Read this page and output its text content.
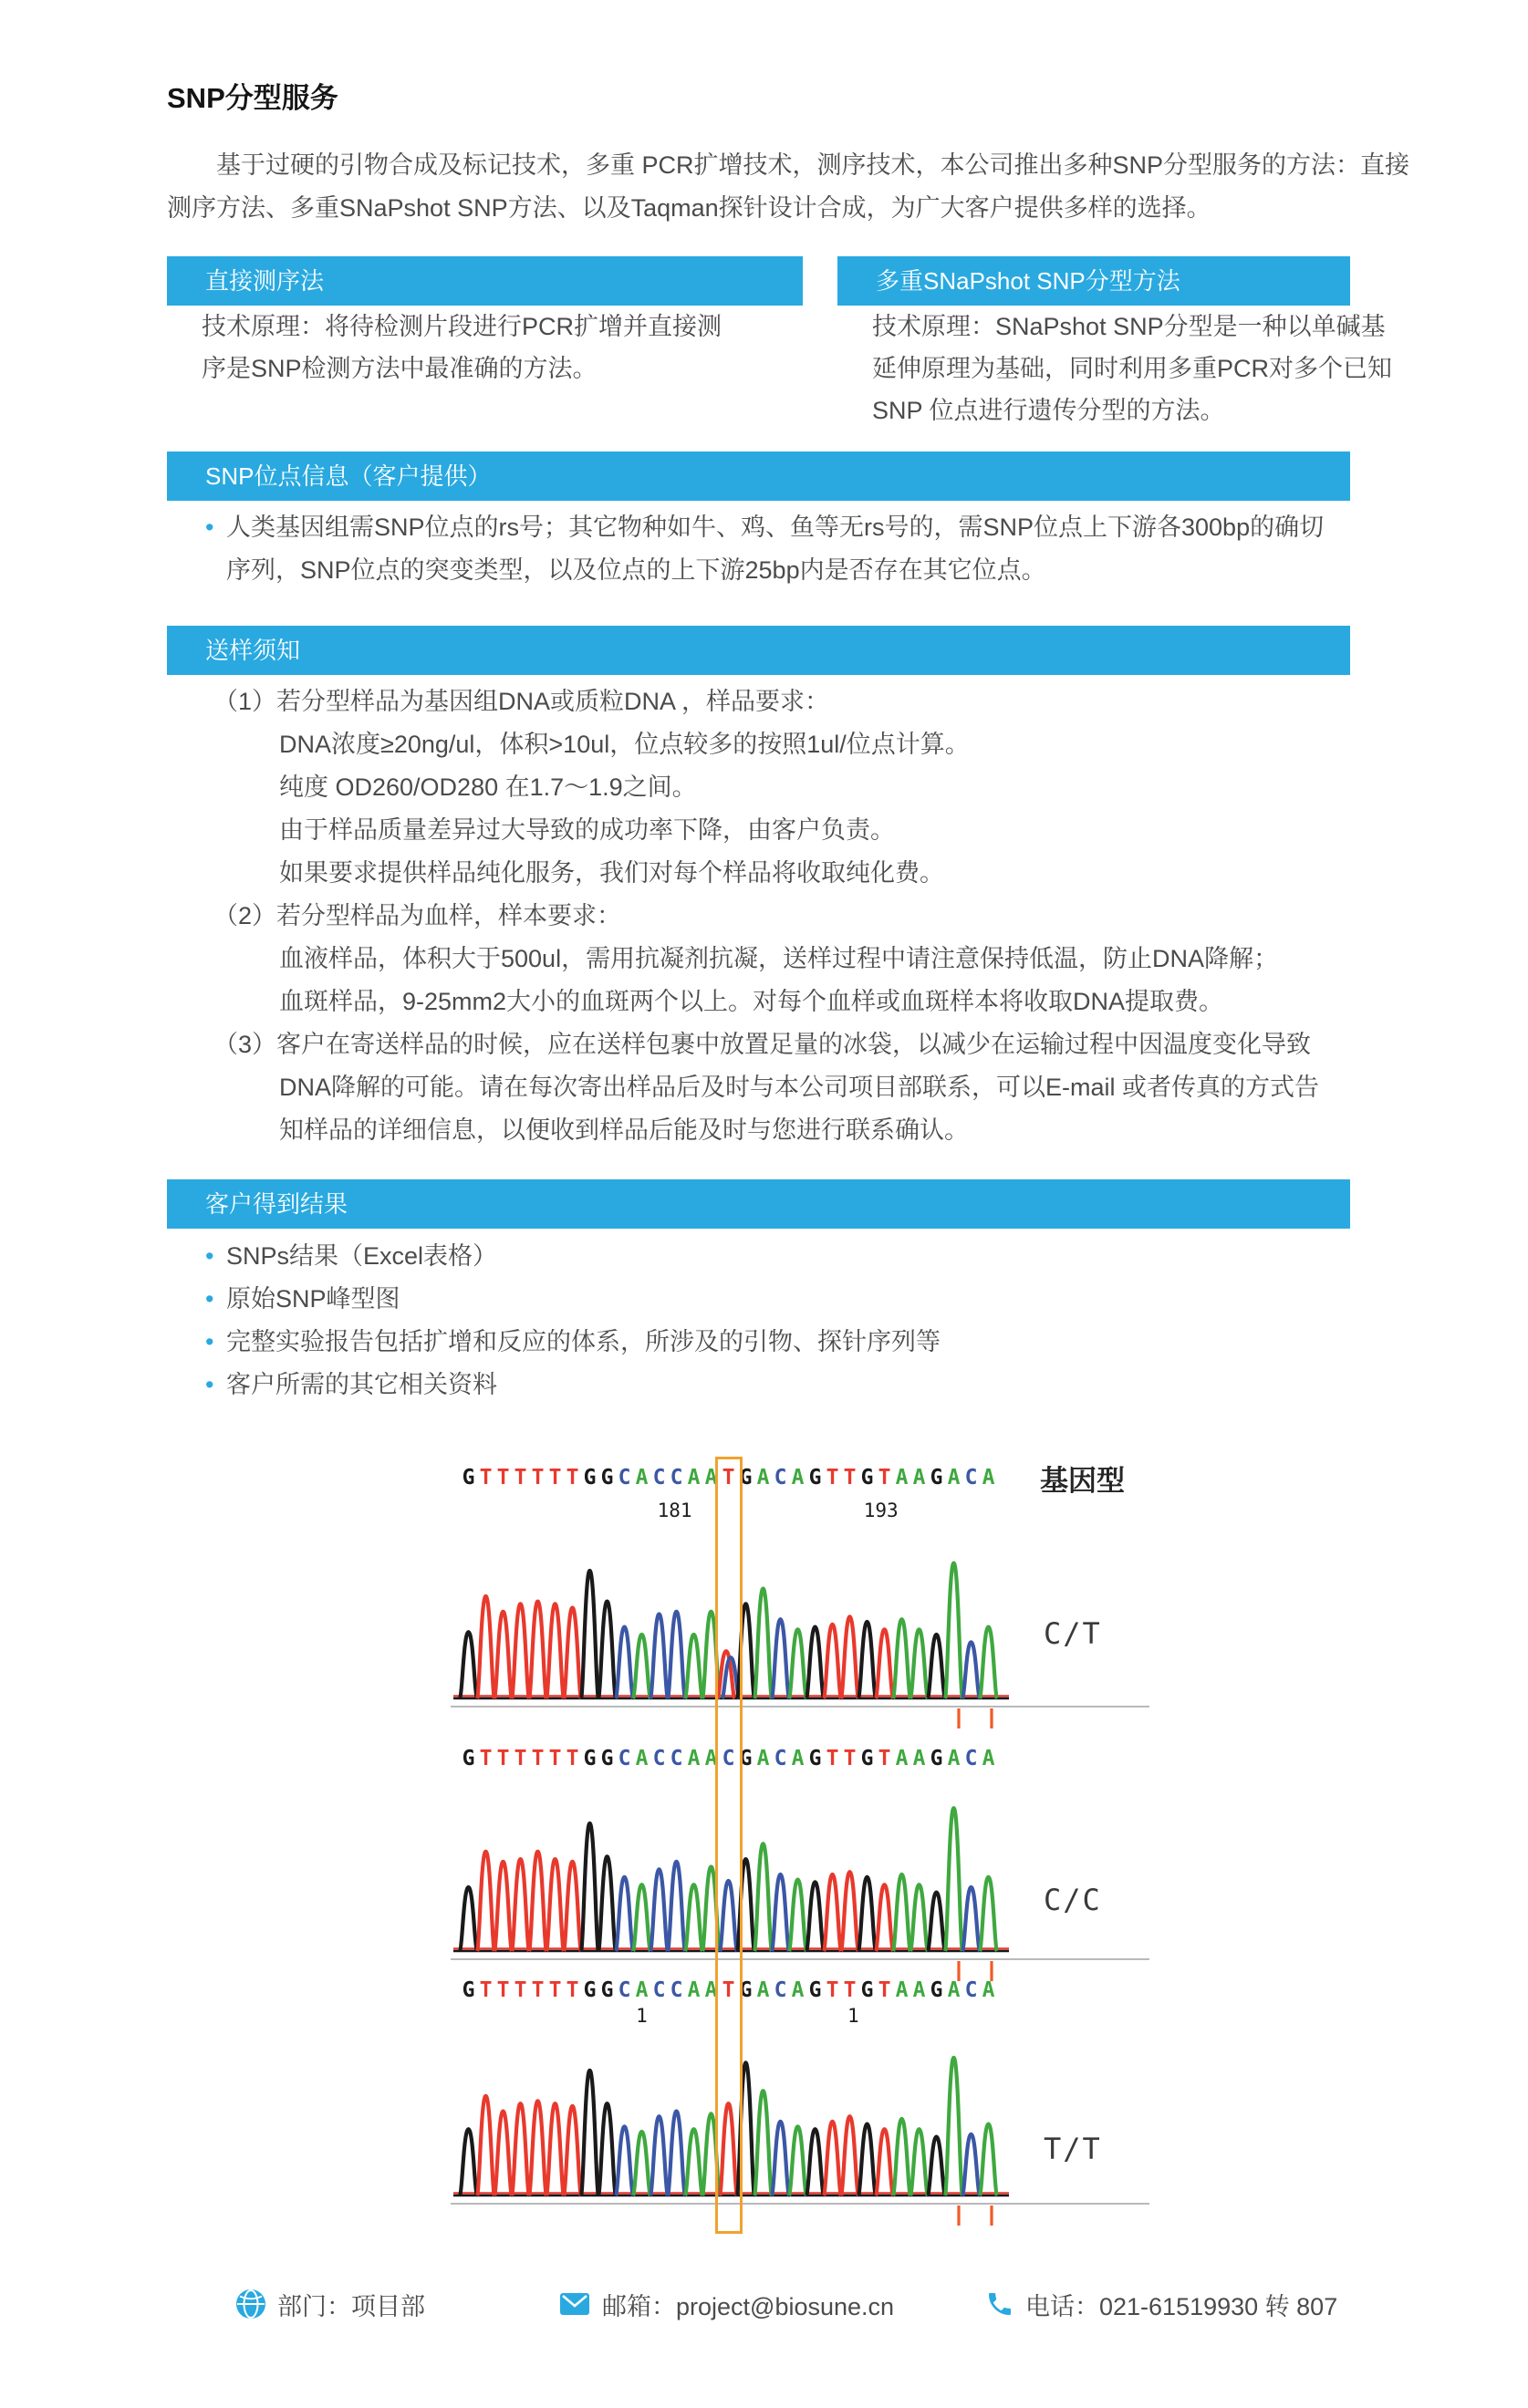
SNP分型服务
基于过硬的引物合成及标记技术，多重 PCR扩增技术，测序技术，本公司推出多种SNP分型服务的方法：直接
测序方法、多重SNaPshot SNP方法、以及Taqman探针设计合成，为广大客户提供多样的选择。
直接测序法
技术原理：将待检测片段进行PCR扩增并直接测
序是SNP检测方法中最准确的方法。
多重SNaPshot SNP分型方法
技术原理：SNaPshot SNP分型是一种以单碱基
延伸原理为基础，同时利用多重PCR对多个已知
SNP 位点进行遗传分型的方法。
SNP位点信息（客户提供）
• 人类基因组需SNP位点的rs号；其它物种如牛、鸡、鱼等无rs号的，需SNP位点上下游各300bp的确切
序列，SNP位点的突变类型，以及位点的上下游25bp内是否存在其它位点。
送样须知
（1）若分型样品为基因组DNA或质粒DNA ，样品要求：
DNA浓度≥20ng/ul，体积>10ul，位点较多的按照1ul/位点计算。
纯度 OD260/OD280 在1.7～1.9之间。
由于样品质量差异过大导致的成功率下降，由客户负责。
如果要求提供样品纯化服务，我们对每个样品将收取纯化费。
（2）若分型样品为血样，样本要求：
血液样品，体积大于500ul，需用抗凝剂抗凝，送样过程中请注意保持低温，防止DNA降解；
血斑样品，9-25mm2大小的血斑两个以上。对每个血样或血斑样本将收取DNA提取费。
（3）客户在寄送样品的时候，应在送样包裹中放置足量的冰袋，以减少在运输过程中因温度变化导致
DNA降解的可能。请在每次寄出样品后及时与本公司项目部联系，可以E-mail 或者传真的方式告
知样品的详细信息，以便收到样品后能及时与您进行联系确认。
客户得到结果
• SNPs结果（Excel表格）
• 原始SNP峰型图
• 完整实验报告包括扩增和反应的体系，所涉及的引物、探针序列等
• 客户所需的其它相关资料
基因型
G T T T T T T G G C A C C A A T G A C A G T T G T A A G A C A
181	193
C/T
G T T T T T T G G C A C C A A C G A C A G T T G T A A G A C A
C/C
G T T T T T T G G C A C C A A T G A C A G T T G T A A G A C A
1	1
T/T
部门：项目部	邮箱：project@biosune.cn	电话：021-61519930 转 807
